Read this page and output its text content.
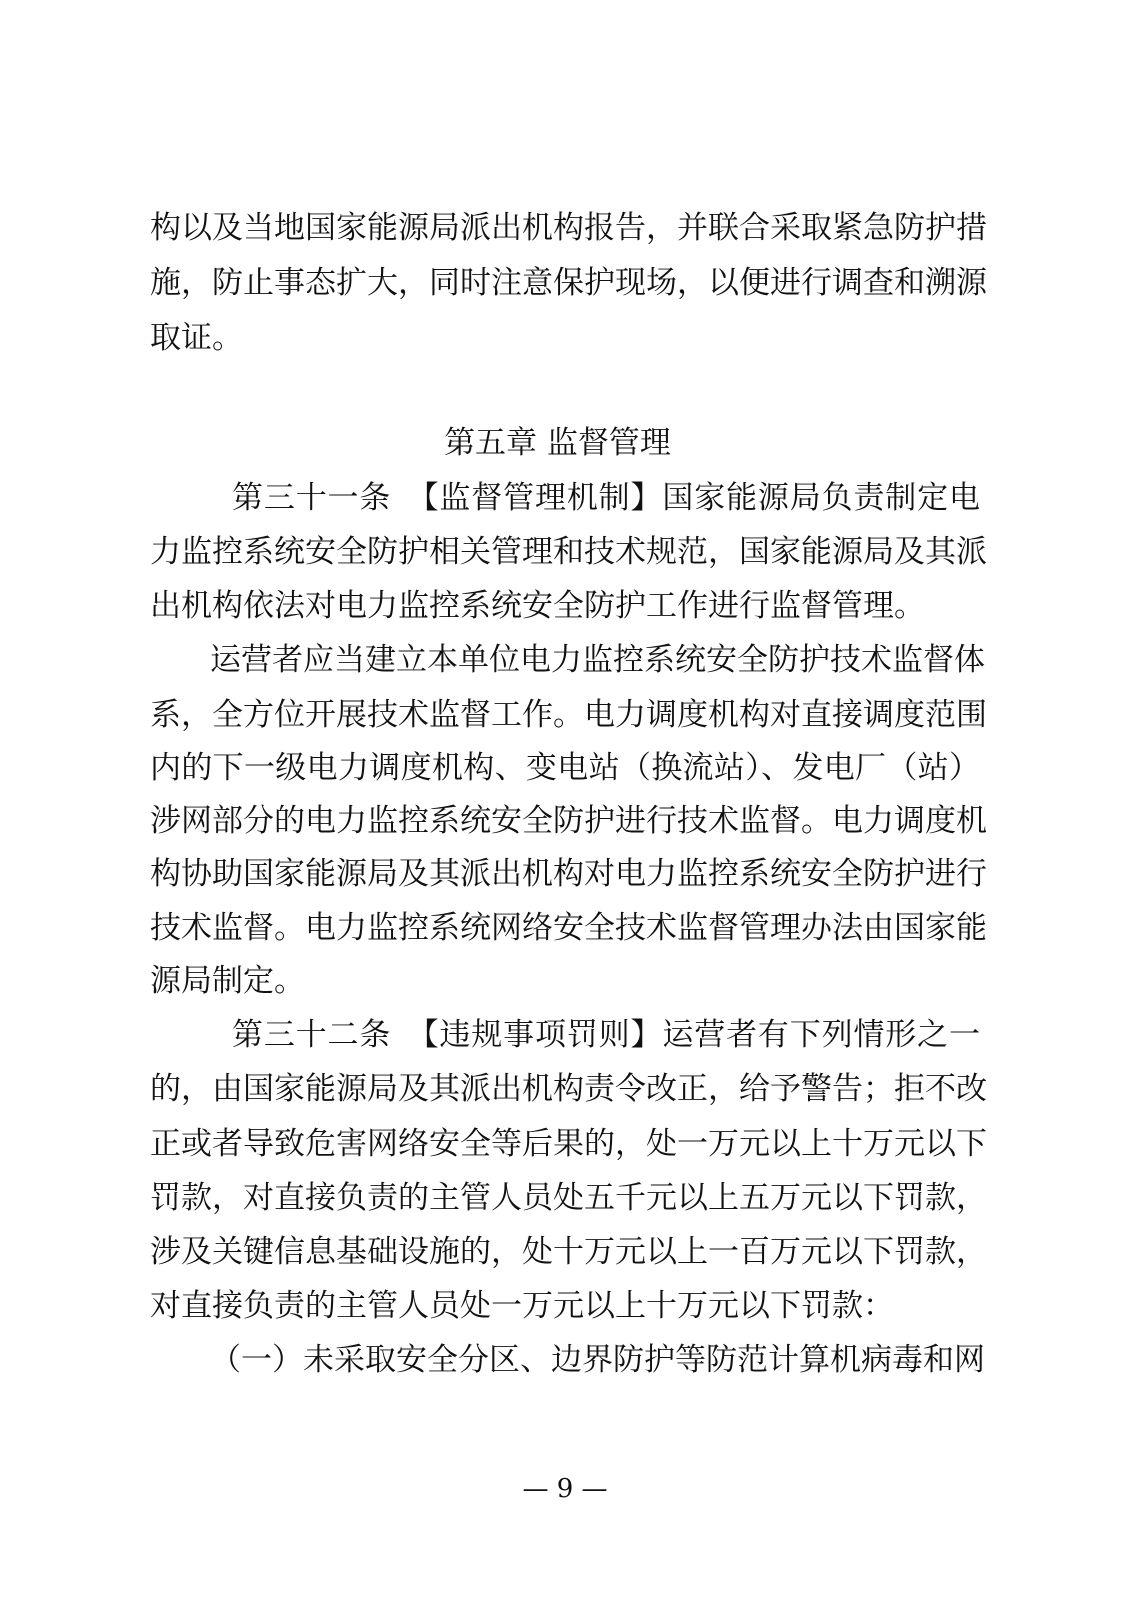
构以及当地国家能源局派出机构报告，并联合采取紧急防护措
施，防止事态扩大，同时注意保护现场，以便进行调查和溯源
取证。
第五章 监督管理
第三十一条　【监督管理机制】国家能源局负责制定电
力监控系统安全防护相关管理和技术规范，国家能源局及其派
出机构依法对电力监控系统安全防护工作进行监督管理。
运营者应当建立本单位电力监控系统安全防护技术监督体
系，全方位开展技术监督工作。电力调度机构对直接调度范围
内的下一级电力调度机构、变电站（换流站）、发电厂（站）
涉网部分的电力监控系统安全防护进行技术监督。电力调度机
构协助国家能源局及其派出机构对电力监控系统安全防护进行
技术监督。电力监控系统网络安全技术监督管理办法由国家能
源局制定。
第三十二条　【违规事项罚则】运营者有下列情形之一
的，由国家能源局及其派出机构责令改正，给予警告；拒不改
正或者导致危害网络安全等后果的，处一万元以上十万元以下
罚款，对直接负责的主管人员处五千元以上五万元以下罚款，
涉及关键信息基础设施的，处十万元以上一百万元以下罚款，
对直接负责的主管人员处一万元以上十万元以下罚款：
（一）未采取安全分区、边界防护等防范计算机病毒和网
— 9 —
